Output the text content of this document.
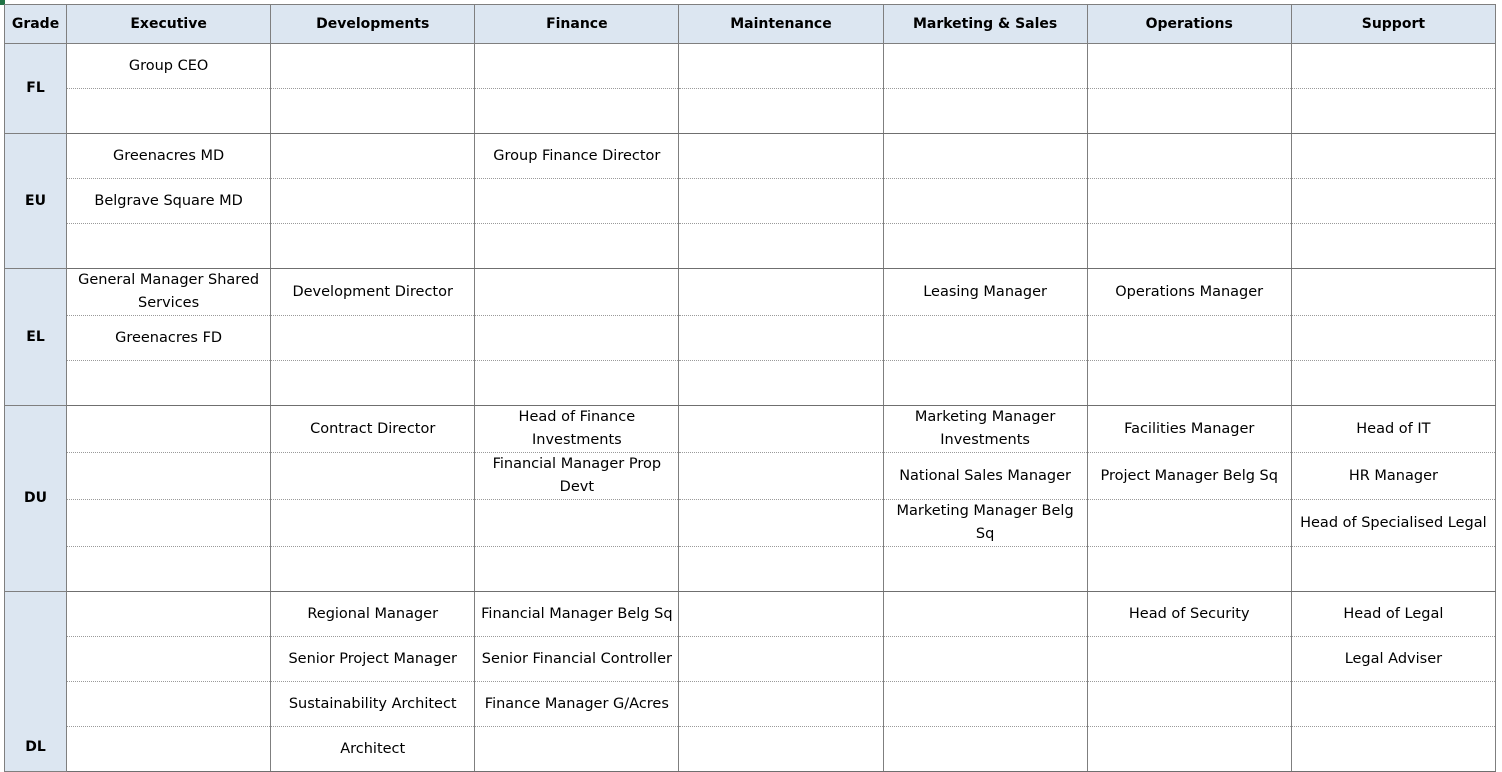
Grade	Executive	Developments	Finance	Maintenance	Marketing & Sales	Operations	Support
FL	Group CEO						

EU	Greenacres MD		Group Finance Director				
	Belgrave Square MD						

EL	General Manager Shared Services	Development Director			Leasing Manager	Operations Manager	
	Greenacres FD						

DU		Contract Director	Head of Finance Investments		Marketing Manager Investments	Facilities Manager	Head of IT
			Financial Manager Prop Devt		National Sales Manager	Project Manager Belg Sq	HR Manager
					Marketing Manager Belg Sq		Head of Specialised Legal

DL		Regional Manager	Financial Manager Belg Sq			Head of Security	Head of Legal
		Senior Project Manager	Senior Financial Controller				Legal Adviser
		Sustainability Architect	Finance Manager G/Acres				
		Architect					
